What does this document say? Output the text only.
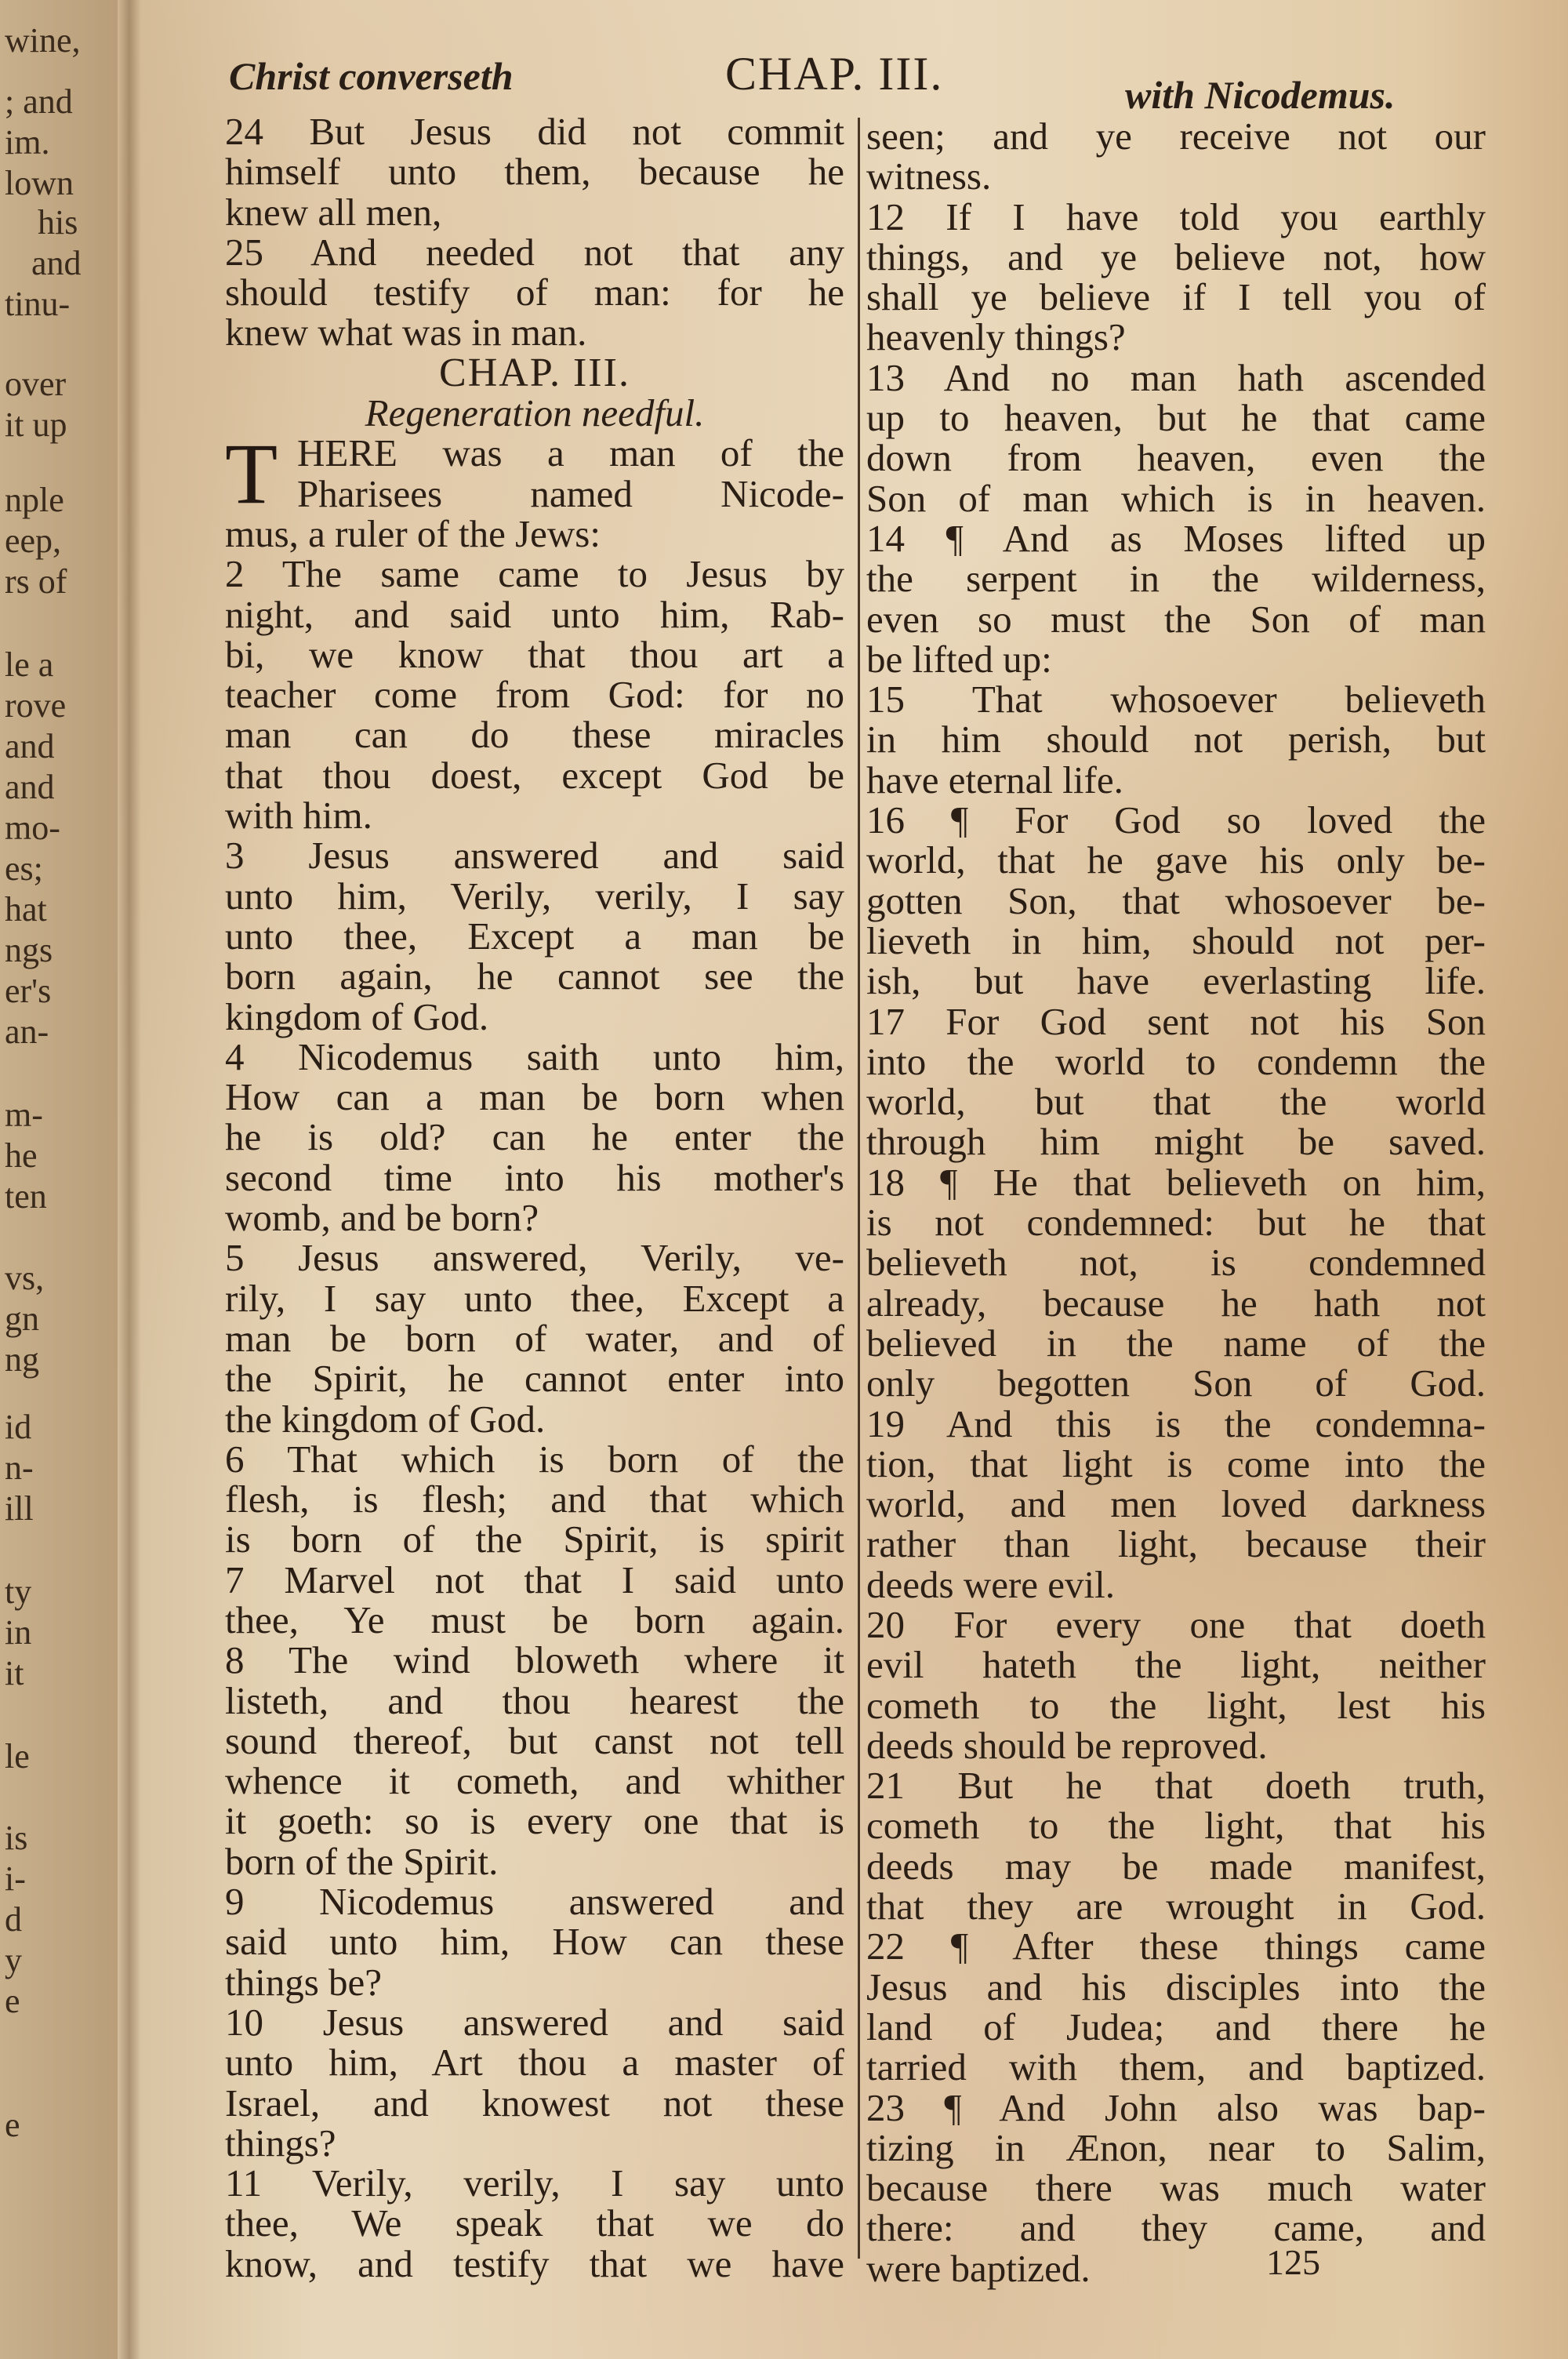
wine,
; and
im.
lown
his
and
tinu-
over
it up
nple
eep,
rs of
le a
rove
and
and
mo-
es;
hat
ngs
er's
an-
m-
he
ten
vs,
gn
ng
id
n-
ill
ty
in
it
le
is
i-
d
y
e
e
Christ converseth	CHAP. III.	with Nicodemus.
24 But Jesus did not commit
himself unto them, because he
knew all men,
25 And needed not that any
should testify of man: for he
knew what was in man.
CHAP. III.
Regeneration needful.
T HERE was a man of the
Pharisees named Nicode-
mus, a ruler of the Jews:
2 The same came to Jesus by
night, and said unto him, Rab-
bi, we know that thou art a
teacher come from God: for no
man can do these miracles
that thou doest, except God be
with him.
3 Jesus answered and said
unto him, Verily, verily, I say
unto thee, Except a man be
born again, he cannot see the
kingdom of God.
4 Nicodemus saith unto him,
How can a man be born when
he is old? can he enter the
second time into his mother's
womb, and be born?
5 Jesus answered, Verily, ve-
rily, I say unto thee, Except a
man be born of water, and of
the Spirit, he cannot enter into
the kingdom of God.
6 That which is born of the
flesh, is flesh; and that which
is born of the Spirit, is spirit
7 Marvel not that I said unto
thee, Ye must be born again.
8 The wind bloweth where it
listeth, and thou hearest the
sound thereof, but canst not tell
whence it cometh, and whither
it goeth: so is every one that is
born of the Spirit.
9 Nicodemus answered and
said unto him, How can these
things be?
10 Jesus answered and said
unto him, Art thou a master of
Israel, and knowest not these
things?
11 Verily, verily, I say unto
thee, We speak that we do
know, and testify that we have
seen; and ye receive not our
witness.
12 If I have told you earthly
things, and ye believe not, how
shall ye believe if I tell you of
heavenly things?
13 And no man hath ascended
up to heaven, but he that came
down from heaven, even the
Son of man which is in heaven.
14 ¶ And as Moses lifted up
the serpent in the wilderness,
even so must the Son of man
be lifted up:
15 That whosoever believeth
in him should not perish, but
have eternal life.
16 ¶ For God so loved the
world, that he gave his only be-
gotten Son, that whosoever be-
lieveth in him, should not per-
ish, but have everlasting life.
17 For God sent not his Son
into the world to condemn the
world, but that the world
through him might be saved.
18 ¶ He that believeth on him,
is not condemned: but he that
believeth not, is condemned
already, because he hath not
believed in the name of the
only begotten Son of God.
19 And this is the condemna-
tion, that light is come into the
world, and men loved darkness
rather than light, because their
deeds were evil.
20 For every one that doeth
evil hateth the light, neither
cometh to the light, lest his
deeds should be reproved.
21 But he that doeth truth,
cometh to the light, that his
deeds may be made manifest,
that they are wrought in God.
22 ¶ After these things came
Jesus and his disciples into the
land of Judea; and there he
tarried with them, and baptized.
23 ¶ And John also was bap-
tizing in Ænon, near to Salim,
because there was much water
there: and they came, and
were baptized.	125
